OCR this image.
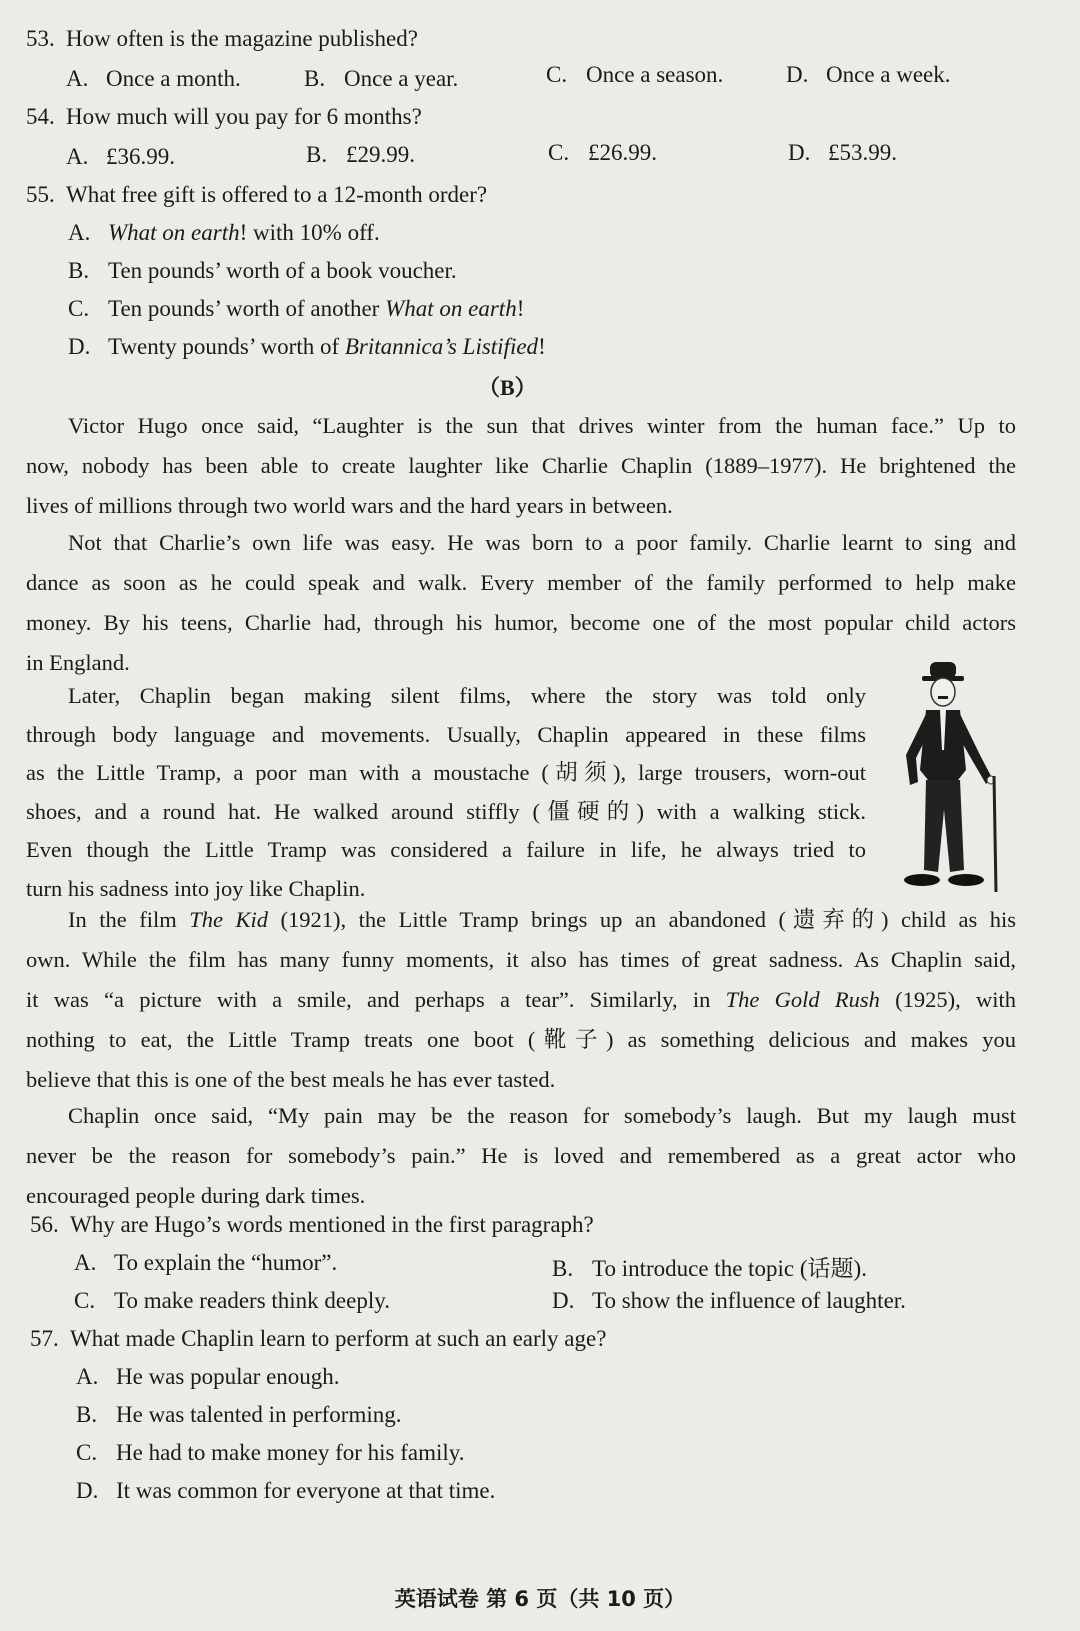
53. How often is the magazine published?
A. Once a month.	B. Once a year.	C. Once a season.	D. Once a week.
54. How much will you pay for 6 months?
A. £36.99.	B. £29.99.	C. £26.99.	D. £53.99.
55. What free gift is offered to a 12-month order?
A. What on earth! with 10% off.
B. Ten pounds’ worth of a book voucher.
C. Ten pounds’ worth of another What on earth!
D. Twenty pounds’ worth of Britannica’s Listified!
（B）
Victor Hugo once said, “Laughter is the sun that drives winter from the human face.” Up to
now, nobody has been able to create laughter like Charlie Chaplin (1889–1977). He brightened the
lives of millions through two world wars and the hard years in between.
Not that Charlie’s own life was easy. He was born to a poor family. Charlie learnt to sing and
dance as soon as he could speak and walk. Every member of the family performed to help make
money. By his teens, Charlie had, through his humor, become one of the most popular child actors
in England.
Later, Chaplin began making silent films, where the story was told only
through body language and movements. Usually, Chaplin appeared in these films
as the Little Tramp, a poor man with a moustache (胡须), large trousers, worn-out
shoes, and a round hat. He walked around stiffly (僵硬的) with a walking stick.
Even though the Little Tramp was considered a failure in life, he always tried to
turn his sadness into joy like Chaplin.
In the film The Kid (1921), the Little Tramp brings up an abandoned (遗弃的) child as his
own. While the film has many funny moments, it also has times of great sadness. As Chaplin said,
it was “a picture with a smile, and perhaps a tear”. Similarly, in The Gold Rush (1925), with
nothing to eat, the Little Tramp treats one boot (靴子) as something delicious and makes you
believe that this is one of the best meals he has ever tasted.
Chaplin once said, “My pain may be the reason for somebody’s laugh. But my laugh must
never be the reason for somebody’s pain.” He is loved and remembered as a great actor who
encouraged people during dark times.
56. Why are Hugo’s words mentioned in the first paragraph?
A. To explain the “humor”.	B. To introduce the topic (话题).
C. To make readers think deeply.	D. To show the influence of laughter.
57. What made Chaplin learn to perform at such an early age?
A. He was popular enough.
B. He was talented in performing.
C. He had to make money for his family.
D. It was common for everyone at that time.
英语试卷 第 6 页（共 10 页）
